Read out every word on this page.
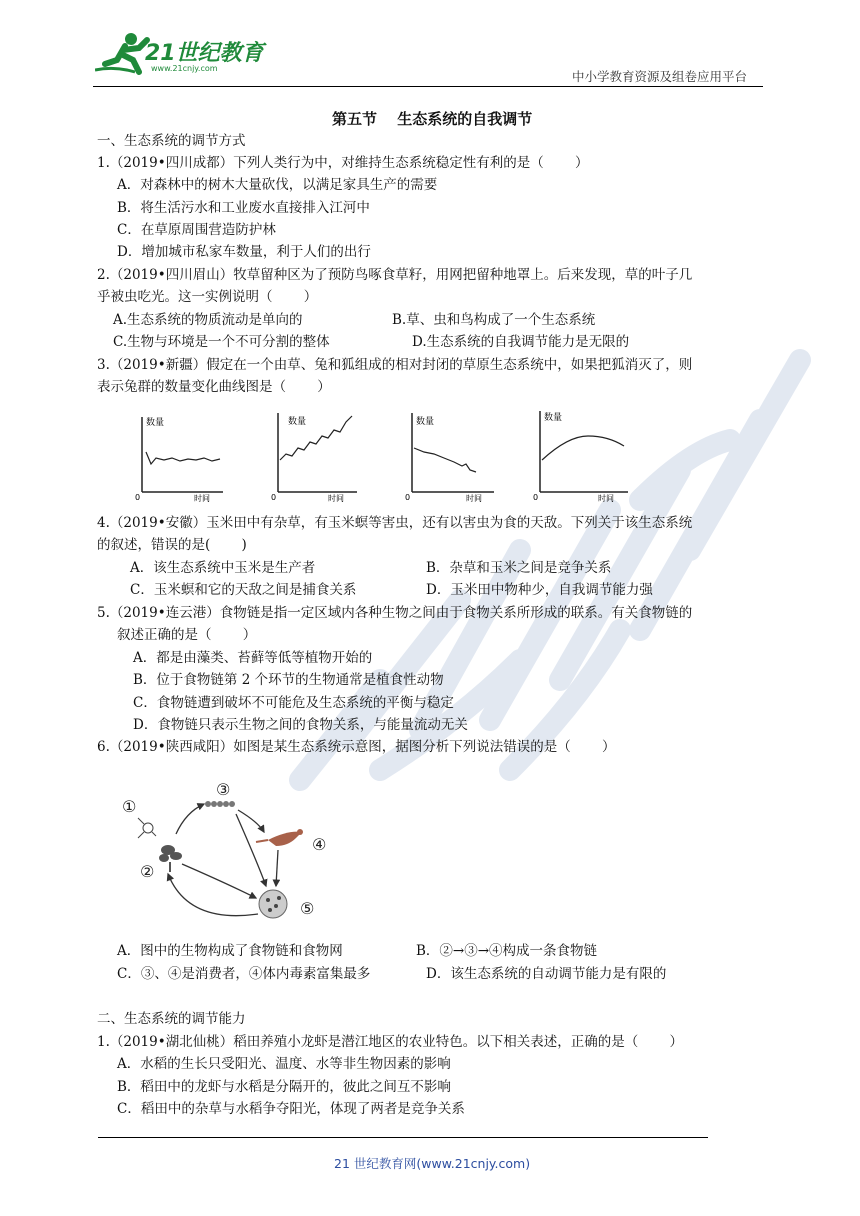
21世纪教育
www.21cnjy.com
中小学教育资源及组卷应用平台
第五节　 生态系统的自我调节
一、生态系统的调节方式
1.（2019•四川成都）下列人类行为中，对维持生态系统稳定性有利的是（　　 ）
A．对森林中的树木大量砍伐，以满足家具生产的需要
B．将生活污水和工业废水直接排入江河中
C．在草原周围营造防护林
D．增加城市私家车数量，利于人们的出行
2.（2019•四川眉山）牧草留种区为了预防鸟啄食草籽，用网把留种地罩上。后来发现，草的叶子几
乎被虫吃光。这一实例说明（　　 ）
A.生态系统的物质流动是单向的	B.草、虫和鸟构成了一个生态系统
C.生物与环境是一个不可分割的整体	D.生态系统的自我调节能力是无限的
3.（2019•新疆）假定在一个由草、兔和狐组成的相对封闭的草原生态系统中，如果把狐消灭了，则
表示兔群的数量变化曲线图是（　　 ）
数量
0	时间
数量
0	时间
数量
0	时间
数量
0	时间
4.（2019•安徽）玉米田中有杂草，有玉米螟等害虫，还有以害虫为食的天敌。下列关于该生态系统
的叙述，错误的是(　　 )
A．该生态系统中玉米是生产者	B．杂草和玉米之间是竞争关系
C．玉米螟和它的天敌之间是捕食关系	D．玉米田中物种少，自我调节能力强
5.（2019•连云港）食物链是指一定区域内各种生物之间由于食物关系所形成的联系。有关食物链的
叙述正确的是（　　 ）
A．都是由藻类、苔藓等低等植物开始的
B．位于食物链第 2 个环节的生物通常是植食性动物
C．食物链遭到破坏不可能危及生态系统的平衡与稳定
D．食物链只表示生物之间的食物关系，与能量流动无关
6.（2019•陕西咸阳）如图是某生态系统示意图，据图分析下列说法错误的是（　　 ）
①
②
③
④
⑤
A．图中的生物构成了食物链和食物网	B．②→③→④构成一条食物链
C．③、④是消费者，④体内毒素富集最多	D．该生态系统的自动调节能力是有限的
二、生态系统的调节能力
1.（2019•湖北仙桃）稻田养殖小龙虾是潜江地区的农业特色。以下相关表述，正确的是（　　 ）
A．水稻的生长只受阳光、温度、水等非生物因素的影响
B．稻田中的龙虾与水稻是分隔开的，彼此之间互不影响
C．稻田中的杂草与水稻争夺阳光，体现了两者是竞争关系
21 世纪教育网(www.21cnjy.com)
